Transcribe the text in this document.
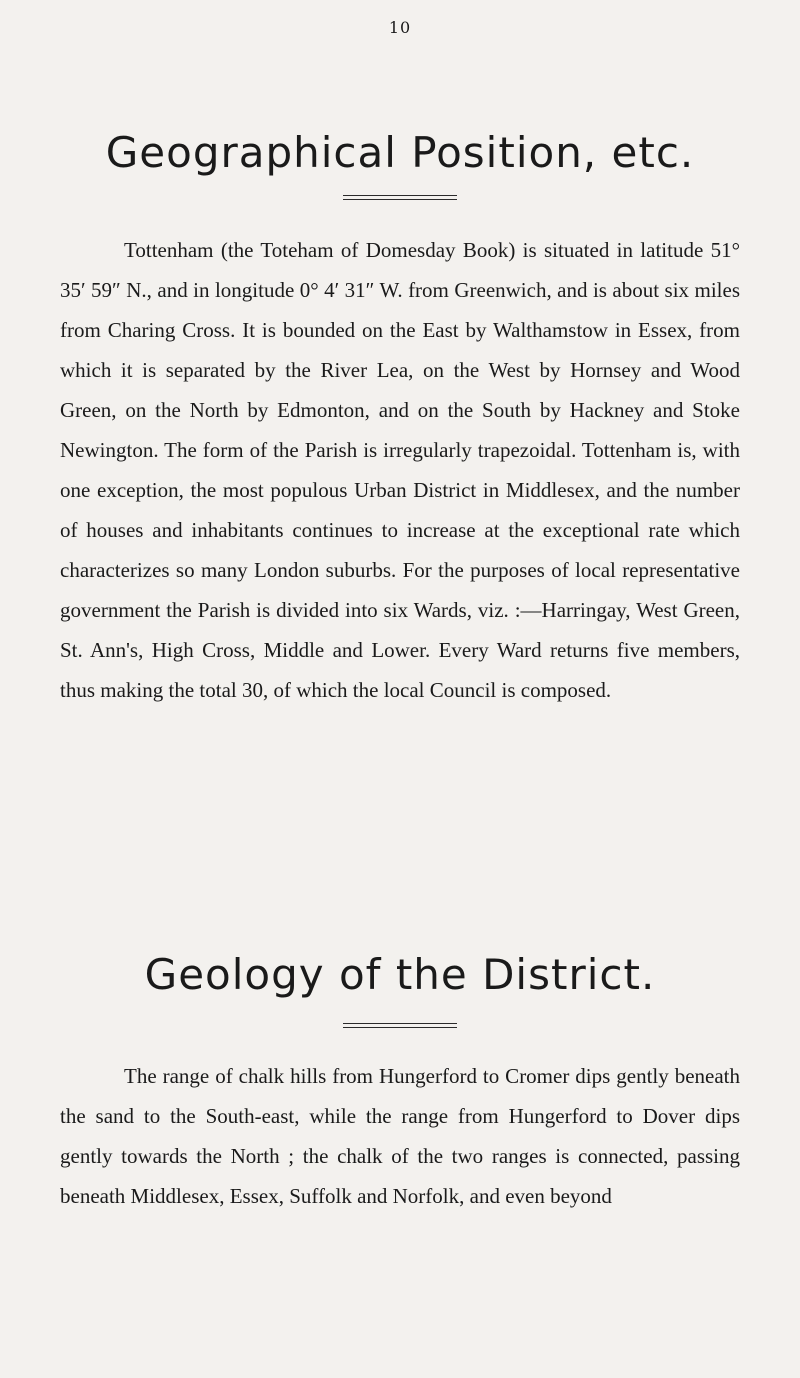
10
Geographical Position, etc.

Tottenham (the Toteham of Domesday Book) is situated in latitude 51° 35′ 59″ N., and in longitude 0° 4′ 31″ W. from Greenwich, and is about six miles from Charing Cross. It is bounded on the East by Walthamstow in Essex, from which it is separated by the River Lea, on the West by Hornsey and Wood Green, on the North by Edmonton, and on the South by Hackney and Stoke Newington. The form of the Parish is irregularly trapezoidal. Tottenham is, with one exception, the most populous Urban District in Middlesex, and the number of houses and inhabitants continues to increase at the exceptional rate which characterizes so many London suburbs. For the purposes of local representative government the Parish is divided into six Wards, viz. :—Harringay, West Green, St. Ann's, High Cross, Middle and Lower. Every Ward returns five members, thus making the total 30, of which the local Council is composed.

Geology of the District.

The range of chalk hills from Hungerford to Cromer dips gently beneath the sand to the South-east, while the range from Hungerford to Dover dips gently towards the North ; the chalk of the two ranges is connected, passing beneath Middlesex, Essex, Suffolk and Norfolk, and even beyond
